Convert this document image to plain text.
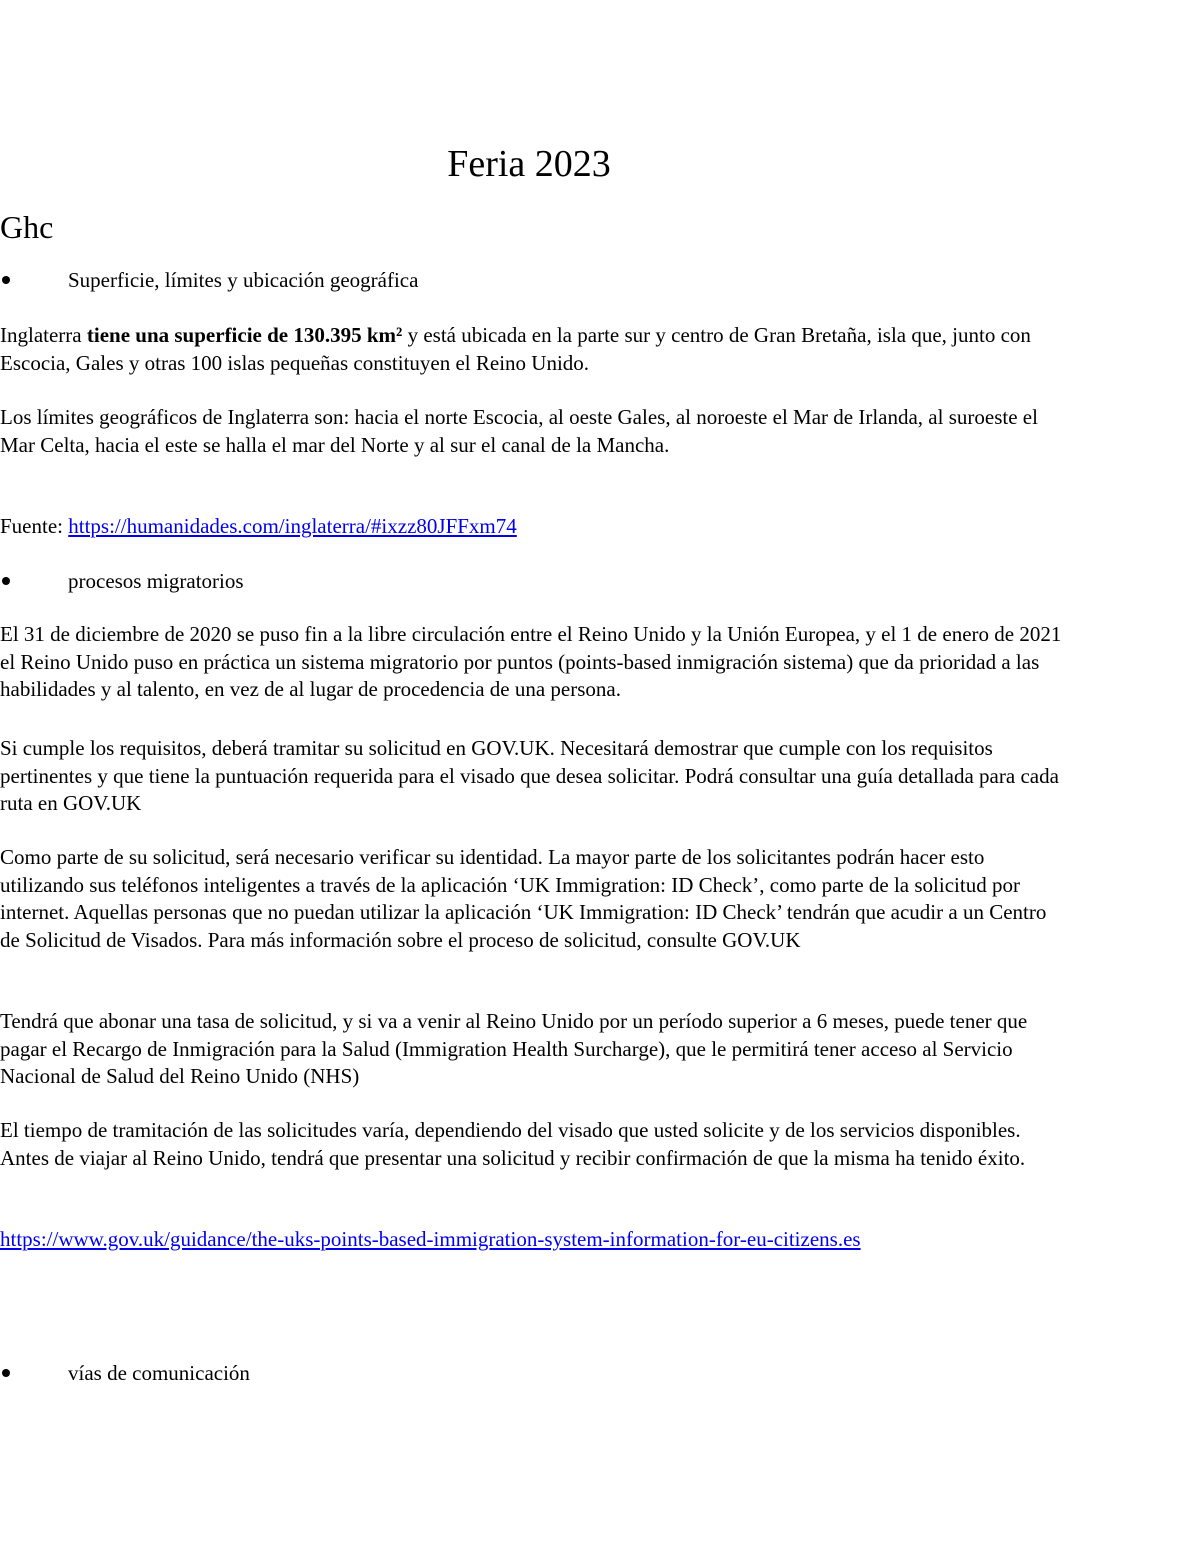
Feria 2023
Ghc
Superficie, límites y ubicación geográfica

Inglaterra tiene una superficie de 130.395 km² y está ubicada en la parte sur y centro de Gran Bretaña, isla que, junto con Escocia, Gales y otras 100 islas pequeñas constituyen el Reino Unido.

Los límites geográficos de Inglaterra son: hacia el norte Escocia, al oeste Gales, al noroeste el Mar de Irlanda, al suroeste el Mar Celta, hacia el este se halla el mar del Norte y al sur el canal de la Mancha.

Fuente: https://humanidades.com/inglaterra/#ixzz80JFFxm74

procesos migratorios

El 31 de diciembre de 2020 se puso fin a la libre circulación entre el Reino Unido y la Unión Europea, y el 1 de enero de 2021 el Reino Unido puso en práctica un sistema migratorio por puntos (points-based inmigración sistema) que da prioridad a las habilidades y al talento, en vez de al lugar de procedencia de una persona.

Si cumple los requisitos, deberá tramitar su solicitud en GOV.UK. Necesitará demostrar que cumple con los requisitos pertinentes y que tiene la puntuación requerida para el visado que desea solicitar. Podrá consultar una guía detallada para cada ruta en GOV.UK

Como parte de su solicitud, será necesario verificar su identidad. La mayor parte de los solicitantes podrán hacer esto utilizando sus teléfonos inteligentes a través de la aplicación ‘UK Immigration: ID Check’, como parte de la solicitud por internet. Aquellas personas que no puedan utilizar la aplicación ‘UK Immigration: ID Check’ tendrán que acudir a un Centro de Solicitud de Visados. Para más información sobre el proceso de solicitud, consulte GOV.UK

Tendrá que abonar una tasa de solicitud, y si va a venir al Reino Unido por un período superior a 6 meses, puede tener que pagar el Recargo de Inmigración para la Salud (Immigration Health Surcharge), que le permitirá tener acceso al Servicio Nacional de Salud del Reino Unido (NHS)

El tiempo de tramitación de las solicitudes varía, dependiendo del visado que usted solicite y de los servicios disponibles. Antes de viajar al Reino Unido, tendrá que presentar una solicitud y recibir confirmación de que la misma ha tenido éxito.

https://www.gov.uk/guidance/the-uks-points-based-immigration-system-information-for-eu-citizens.es

vías de comunicación
